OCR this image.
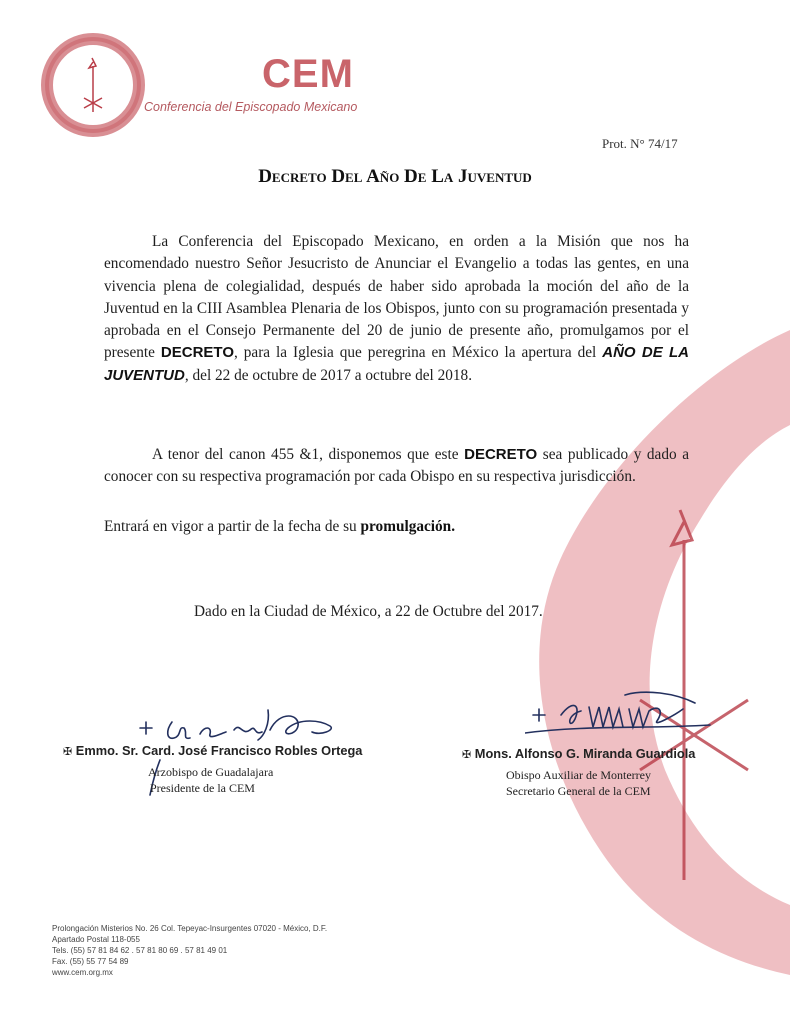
CEM
Conferencia del Episcopado Mexicano
Prot. N° 74/17
Decreto Del Año De La Juventud
La Conferencia del Episcopado Mexicano, en orden a la Misión que nos ha encomendado nuestro Señor Jesucristo de Anunciar el Evangelio a todas las gentes, en una vivencia plena de colegialidad, después de haber sido aprobada la moción del año de la Juventud en la CIII Asamblea Plenaria de los Obispos, junto con su programación presentada y aprobada en el Consejo Permanente del 20 de junio de presente año, promulgamos por el presente DECRETO, para la Iglesia que peregrina en México la apertura del AÑO DE LA JUVENTUD, del 22 de octubre de 2017 a octubre del 2018.
A tenor del canon 455 &1, disponemos que este DECRETO sea publicado y dado a conocer con su respectiva programación por cada Obispo en su respectiva jurisdicción.
Entrará en vigor a partir de la fecha de su promulgación.
Dado en la Ciudad de México, a 22 de Octubre del 2017.
✠ Emmo. Sr. Card. José Francisco Robles Ortega
Arzobispo de Guadalajara
Presidente de la CEM
✠ Mons. Alfonso G. Miranda Guardiola
Obispo Auxiliar de Monterrey
Secretario General de la CEM
Prolongación Misterios No. 26 Col. Tepeyac-Insurgentes 07020 - México, D.F.
Apartado Postal 118-055
Tels. (55) 57 81 84 62 . 57 81 80 69 . 57 81 49 01
Fax. (55) 55 77 54 89
www.cem.org.mx
